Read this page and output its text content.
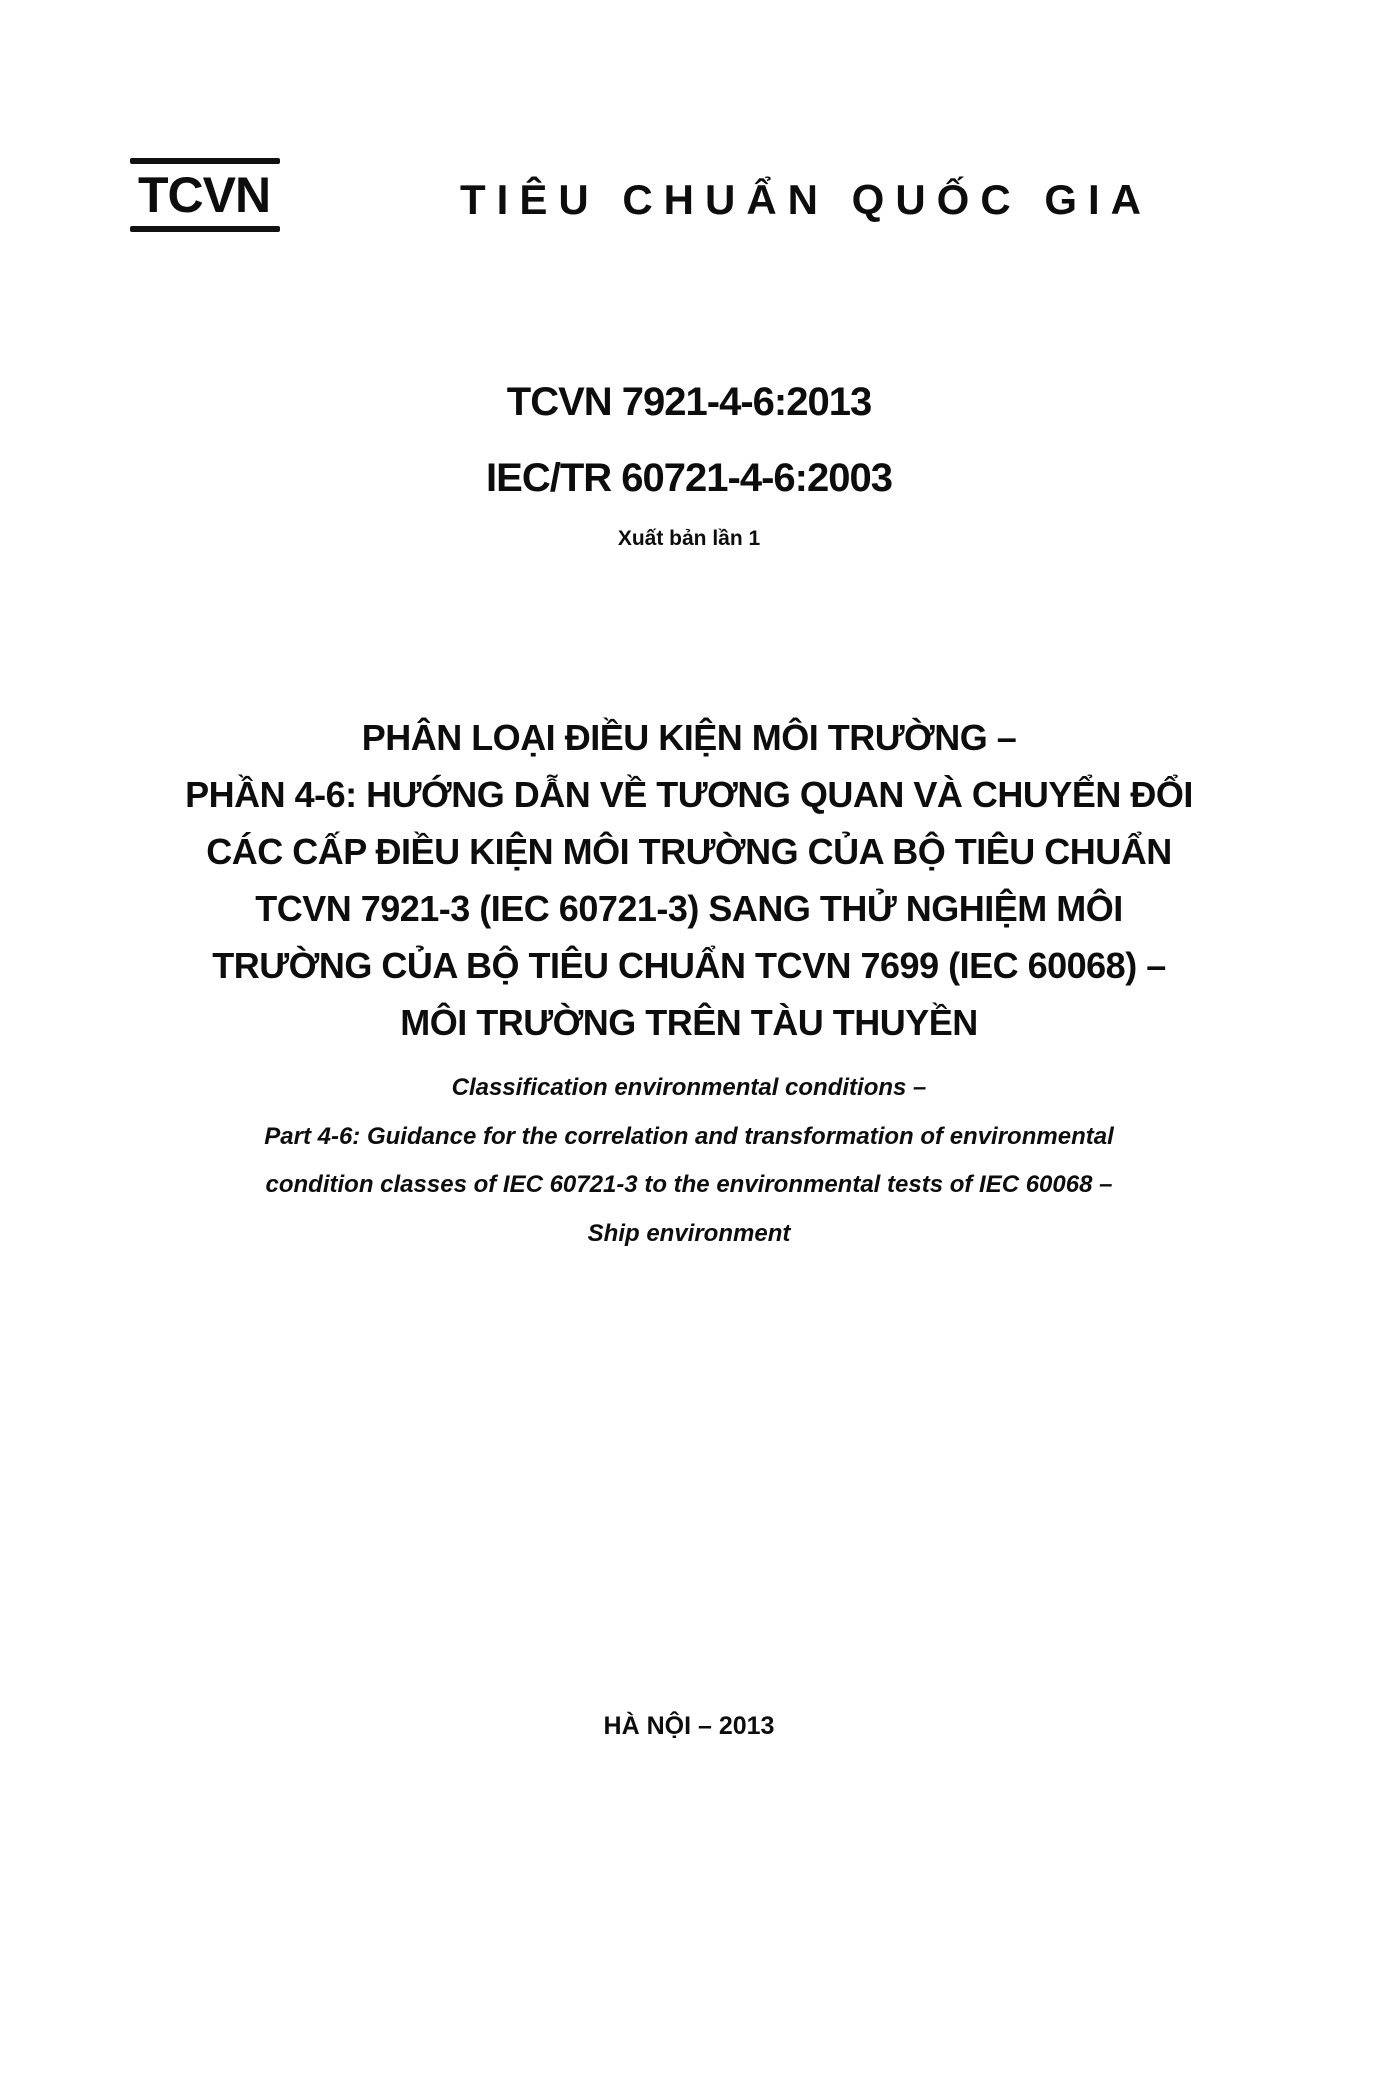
TCVN	TIÊU CHUẨN QUỐC GIA
TCVN 7921-4-6:2013
IEC/TR 60721-4-6:2003
Xuất bản lần 1
PHÂN LOẠI ĐIỀU KIỆN MÔI TRƯỜNG –
PHẦN 4-6: HƯỚNG DẪN VỀ TƯƠNG QUAN VÀ CHUYỂN ĐỔI
CÁC CẤP ĐIỀU KIỆN MÔI TRƯỜNG CỦA BỘ TIÊU CHUẨN
TCVN 7921-3 (IEC 60721-3) SANG THỬ NGHIỆM MÔI
TRƯỜNG CỦA BỘ TIÊU CHUẨN TCVN 7699 (IEC 60068) –
MÔI TRƯỜNG TRÊN TÀU THUYỀN
Classification environmental conditions –
Part 4-6: Guidance for the correlation and transformation of environmental
condition classes of IEC 60721-3 to the environmental tests of IEC 60068 –
Ship environment
HÀ NỘI – 2013
